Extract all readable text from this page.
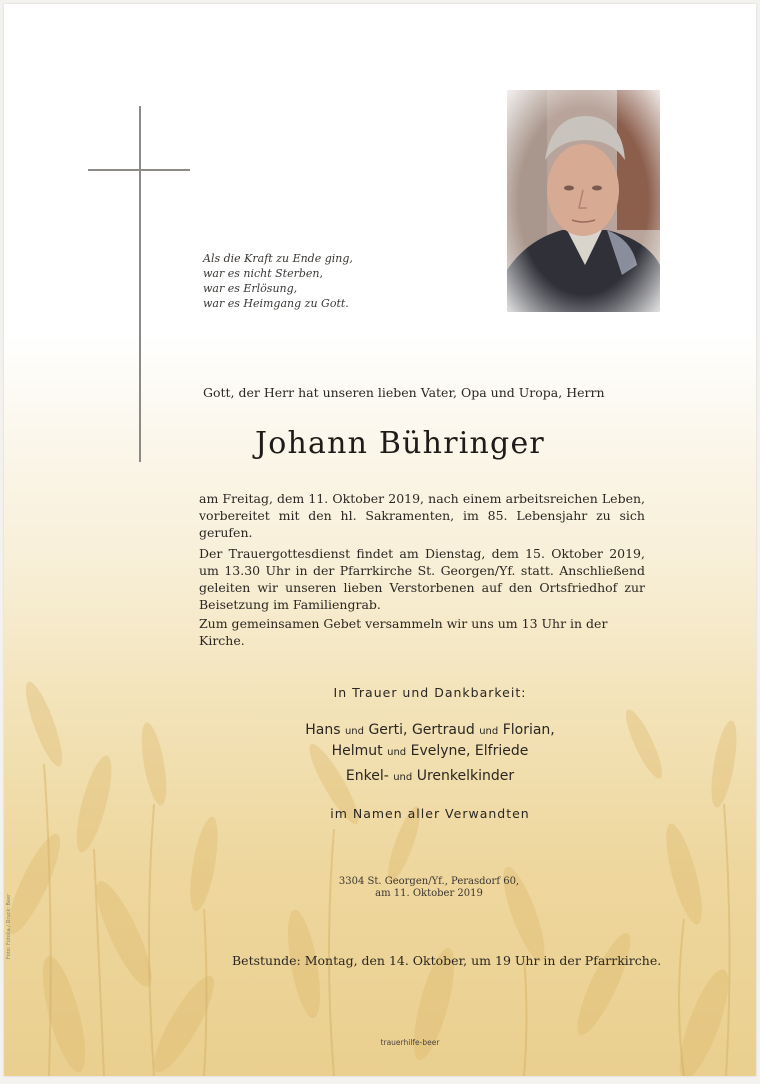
Als die Kraft zu Ende ging,
war es nicht Sterben,
war es Erlösung,
war es Heimgang zu Gott.
Gott, der Herr hat unseren lieben Vater, Opa und Uropa, Herrn
Johann Bühringer
am Freitag, dem 11. Oktober 2019, nach einem arbeitsreichen Leben, vorbereitet mit den hl. Sakramenten, im 85. Lebensjahr zu sich gerufen.
Der Trauergottesdienst findet am Dienstag, dem 15. Oktober 2019, um 13.30 Uhr in der Pfarrkirche St. Georgen/Yf. statt. Anschließend geleiten wir unseren lieben Verstorbenen auf den Ortsfriedhof zur Beisetzung im Familiengrab.
Zum gemeinsamen Gebet versammeln wir uns um 13 Uhr in der Kirche.
In Trauer und Dankbarkeit:
Hans und Gerti, Gertraud und Florian,
Helmut und Evelyne, Elfriede
Enkel- und Urenkelkinder
im Namen aller Verwandten
3304 St. Georgen/Yf., Perasdorf 60,
am 11. Oktober 2019
Betstunde: Montag, den 14. Oktober, um 19 Uhr in der Pfarrkirche.
Foto: Fotolia / Druck: Beer
trauerhilfe-beer
